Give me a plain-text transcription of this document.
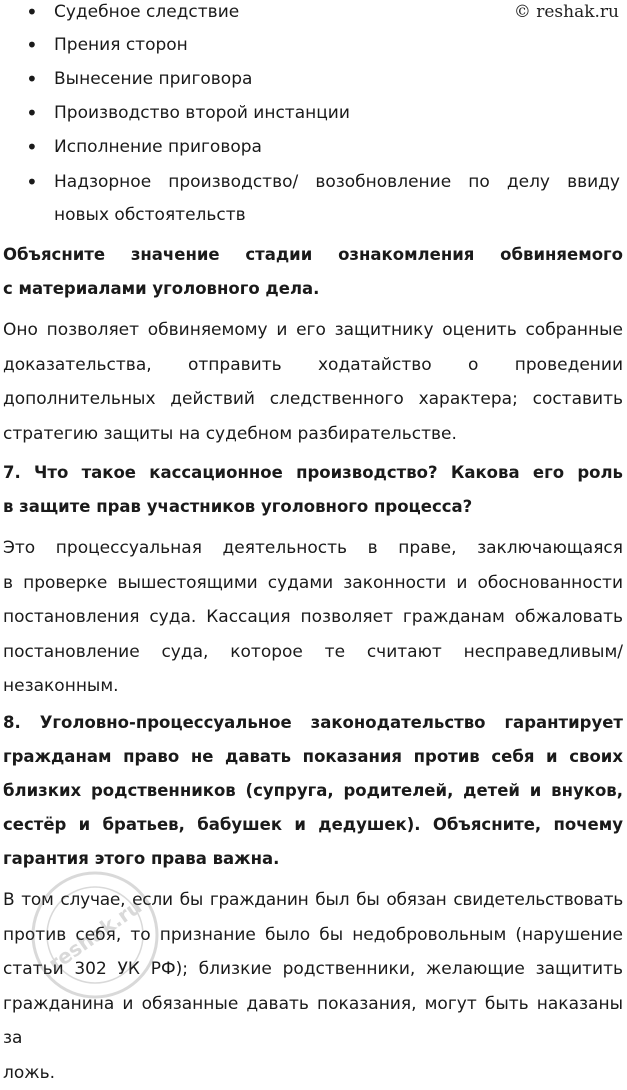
© reshak.ru
• Судебное следствие
• Прения сторон
• Вынесение приговора
• Производство второй инстанции
• Исполнение приговора
• Надзорное производство/ возобновление по делу ввиду
новых обстоятельств
Объясните значение стадии ознакомления обвиняемого
с материалами уголовного дела.
Оно позволяет обвиняемому и его защитнику оценить собранные
доказательства, отправить ходатайство о проведении
дополнительных действий следственного характера; составить
стратегию защиты на судебном разбирательстве.
7. Что такое кассационное производство? Какова его роль
в защите прав участников уголовного процесса?
Это процессуальная деятельность в праве, заключающаяся
в проверке вышестоящими судами законности и обоснованности
постановления суда. Кассация позволяет гражданам обжаловать
постановление суда, которое те считают несправедливым/
незаконным.
8. Уголовно-процессуальное законодательство гарантирует
гражданам право не давать показания против себя и своих
близких родственников (супруга, родителей, детей и внуков,
сестёр и братьев, бабушек и дедушек). Объясните, почему
гарантия этого права важна.
В том случае, если бы гражданин был бы обязан свидетельствовать
против себя, то признание было бы недобровольным (нарушение
статьи 302 УК РФ); близкие родственники, желающие защитить
гражданина и обязанные давать показания, могут быть наказаны за
ложь.
reshak.ru
